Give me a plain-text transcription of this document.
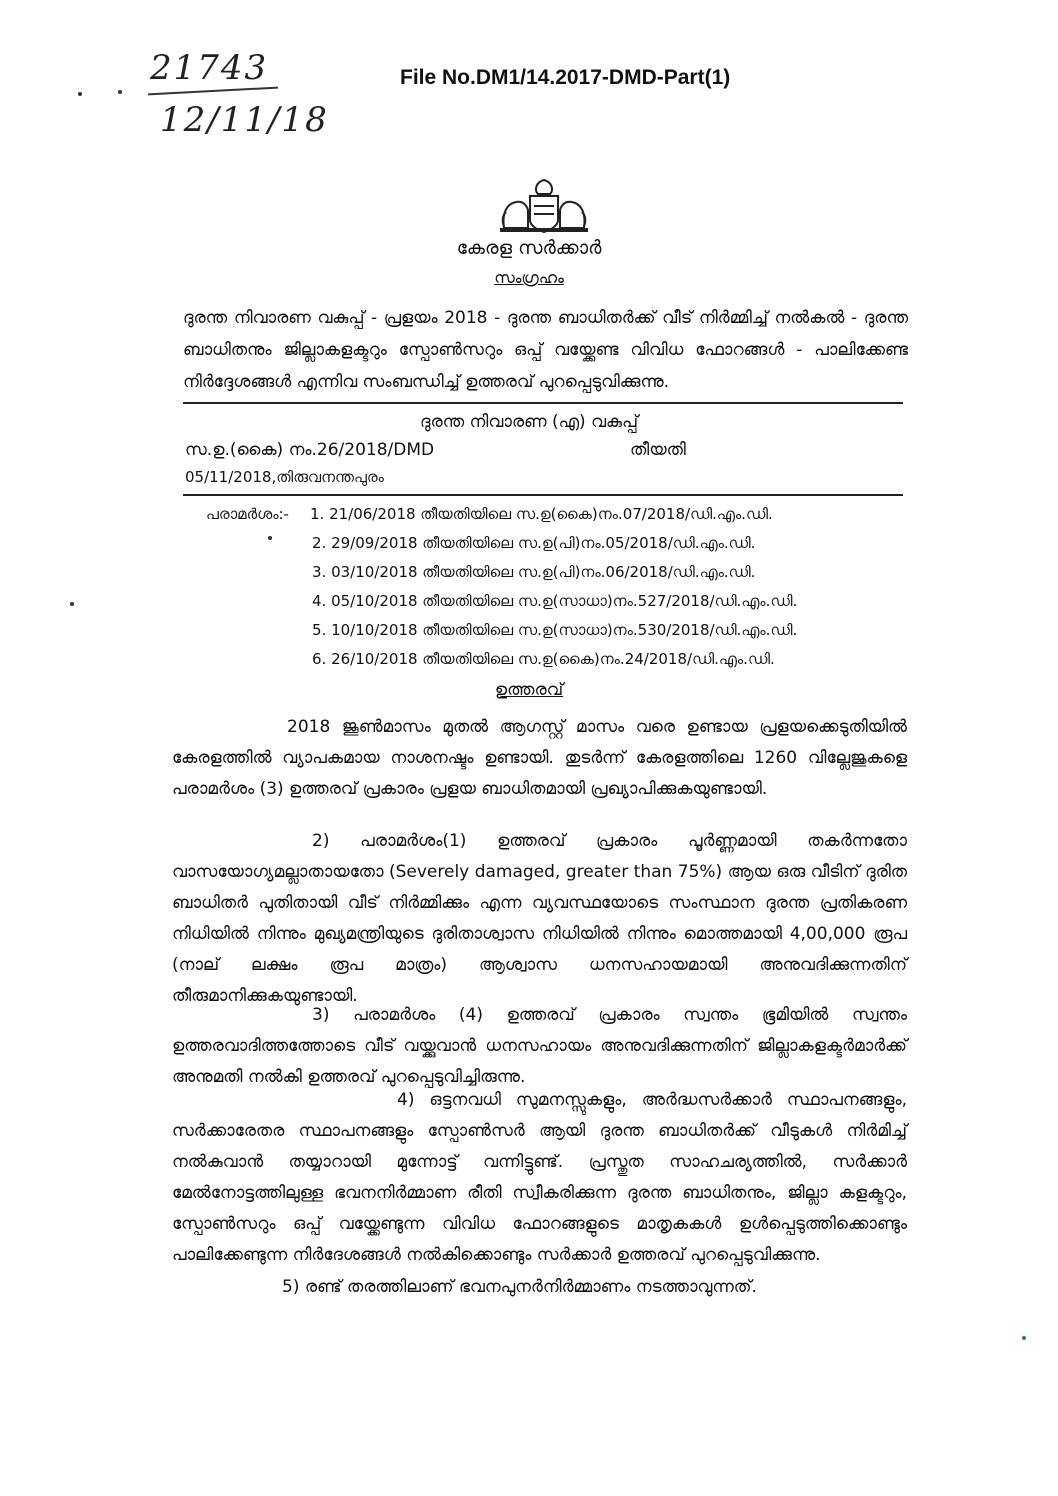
21743
12/11/18
File No.DM1/14.2017-DMD-Part(1)
കേരള സർക്കാർ
സംഗ്രഹം
ദുരന്ത നിവാരണ വകുപ്പ് - പ്രളയം 2018 - ദുരന്ത ബാധിതർക്ക് വീട് നിർമ്മിച്ച് നൽകൽ - ദുരന്ത ബാധിതനും ജില്ലാകളക്ടറും സ്പോൺസറും ഒപ്പ് വയ്ക്കേണ്ട വിവിധ ഫോറങ്ങൾ - പാലിക്കേണ്ട നിർദ്ദേശങ്ങൾ എന്നിവ സംബന്ധിച്ച് ഉത്തരവ് പുറപ്പെടുവിക്കുന്നു.
ദുരന്ത നിവാരണ (എ) വകുപ്പ്
സ.ഉ.(കൈ) നം.26/2018/DMD	തീയതി
05/11/2018,തിരുവനന്തപുരം
പരാമർശം:- 1. 21/06/2018 തീയതിയിലെ സ.ഉ(കൈ)നം.07/2018/ഡി.എം.ഡി.
2. 29/09/2018 തീയതിയിലെ സ.ഉ(പി)നം.05/2018/ഡി.എം.ഡി.
3. 03/10/2018 തീയതിയിലെ സ.ഉ(പി)നം.06/2018/ഡി.എം.ഡി.
4. 05/10/2018 തീയതിയിലെ സ.ഉ(സാധാ)നം.527/2018/ഡി.എം.ഡി.
5. 10/10/2018 തീയതിയിലെ സ.ഉ(സാധാ)നം.530/2018/ഡി.എം.ഡി.
6. 26/10/2018 തീയതിയിലെ സ.ഉ(കൈ)നം.24/2018/ഡി.എം.ഡി.
ഉത്തരവ്

2018 ജൂൺമാസം മുതൽ ആഗസ്റ്റ് മാസം വരെ ഉണ്ടായ പ്രളയക്കെടുതിയിൽ കേരളത്തിൽ വ്യാപകമായ നാശനഷ്ടം ഉണ്ടായി. തുടർന്ന് കേരളത്തിലെ 1260 വില്ലേജുകളെ പരാമർശം (3) ഉത്തരവ് പ്രകാരം പ്രളയ ബാധിതമായി പ്രഖ്യാപിക്കുകയുണ്ടായി.

2) പരാമർശം(1) ഉത്തരവ് പ്രകാരം പൂർണ്ണമായി തകർന്നതോ വാസയോഗ്യമല്ലാതായതോ (Severely damaged, greater than 75%) ആയ ഒരു വീടിന് ദുരിത ബാധിതർ പുതിതായി വീട് നിർമ്മിക്കും എന്ന വ്യവസ്ഥയോടെ സംസ്ഥാന ദുരന്ത പ്രതികരണ നിധിയിൽ നിന്നും മുഖ്യമന്ത്രിയുടെ ദുരിതാശ്വാസ നിധിയിൽ നിന്നും മൊത്തമായി 4,00,000 രൂപ (നാല് ലക്ഷം രൂപ മാത്രം) ആശ്വാസ ധനസഹായമായി അനുവദിക്കുന്നതിന് തീരുമാനിക്കുകയുണ്ടായി.

3) പരാമർശം (4) ഉത്തരവ് പ്രകാരം സ്വന്തം ഭൂമിയിൽ സ്വന്തം ഉത്തരവാദിത്തത്തോടെ വീട് വയ്ക്കുവാൻ ധനസഹായം അനുവദിക്കുന്നതിന് ജില്ലാകളക്ടർമാർക്ക് അനുമതി നൽകി ഉത്തരവ് പുറപ്പെടുവിച്ചിരുന്നു.

4) ഒട്ടനവധി സുമനസ്സുകളും, അർദ്ധസർക്കാർ സ്ഥാപനങ്ങളും, സർക്കാരേതര സ്ഥാപനങ്ങളും സ്പോൺസർ ആയി ദുരന്ത ബാധിതർക്ക് വീടുകൾ നിർമിച്ച് നൽകുവാൻ തയ്യാറായി മുന്നോട്ട് വന്നിട്ടുണ്ട്. പ്രസ്തുത സാഹചര്യത്തിൽ, സർക്കാർ മേൽനോട്ടത്തിലുള്ള ഭവനനിർമ്മാണ രീതി സ്വീകരിക്കുന്ന ദുരന്ത ബാധിതനും, ജില്ലാ കളക്ടറും, സ്പോൺസറും ഒപ്പ് വയ്ക്കേണ്ടുന്ന വിവിധ ഫോറങ്ങളുടെ മാതൃകകൾ ഉൾപ്പെടുത്തിക്കൊണ്ടും പാലിക്കേണ്ടുന്ന നിർദേശങ്ങൾ നൽകിക്കൊണ്ടും സർക്കാർ ഉത്തരവ് പുറപ്പെടുവിക്കുന്നു.

5) രണ്ട് തരത്തിലാണ് ഭവനപുനർനിർമ്മാണം നടത്താവുന്നത്.
